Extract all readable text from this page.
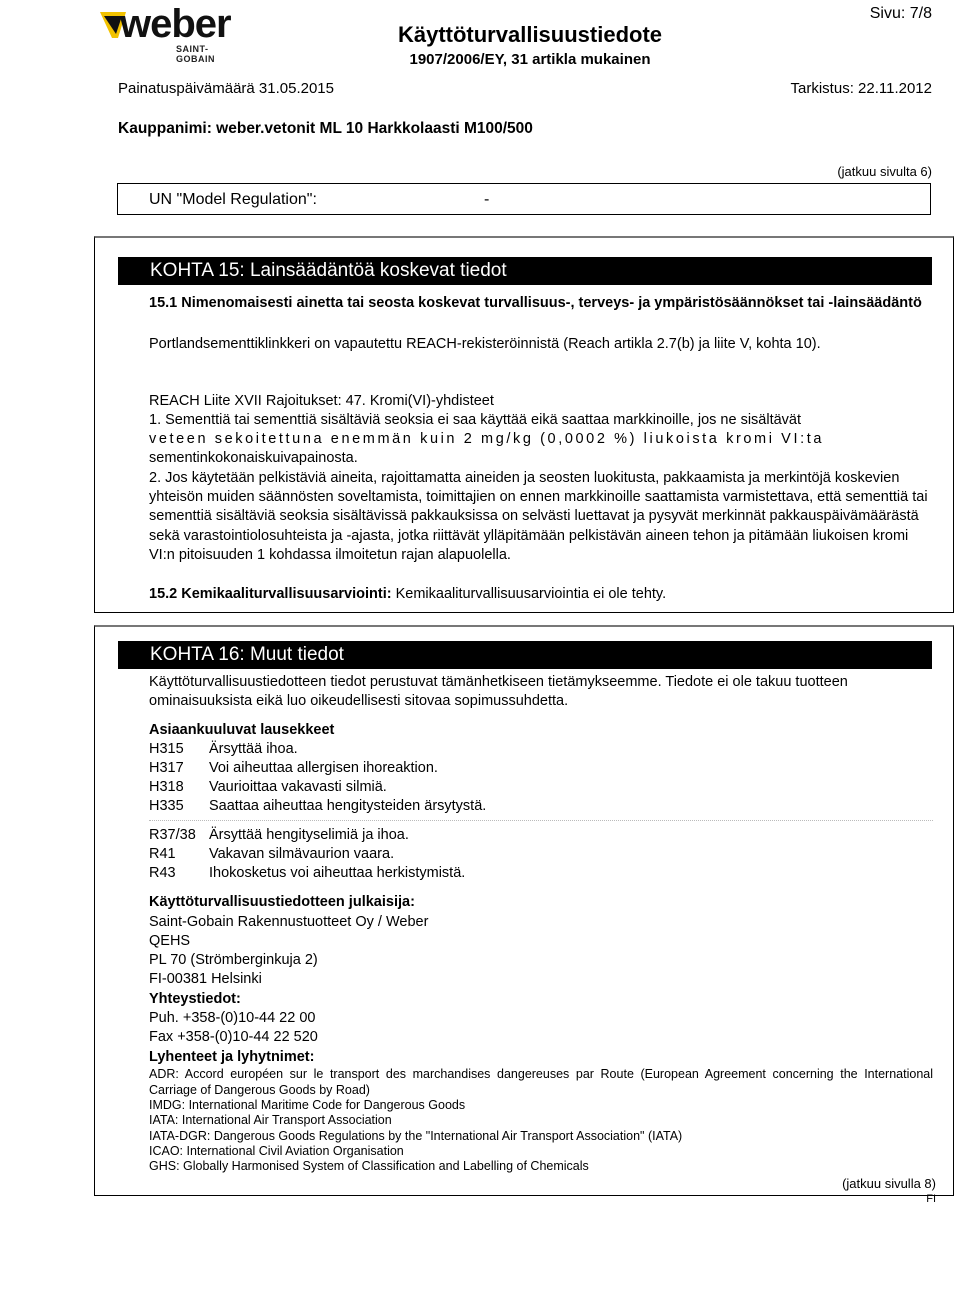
weber
SAINT-GOBAIN
Käyttöturvallisuustiedote
1907/2006/EY, 31 artikla mukainen
Sivu: 7/8
Painatuspäivämäärä 31.05.2015	Tarkistus: 22.11.2012
Kauppanimi: weber.vetonit ML 10 Harkkolaasti M100/500
(jatkuu sivulta 6)
UN "Model Regulation":	-
KOHTA 15: Lainsäädäntöä koskevat tiedot
15.1 Nimenomaisesti ainetta tai seosta koskevat turvallisuus-, terveys- ja ympäristösäännökset tai -lainsäädäntö
Portlandsementtiklinkkeri on vapautettu REACH-rekisteröinnistä (Reach artikla 2.7(b) ja liite V, kohta 10).
REACH Liite XVII Rajoitukset: 47. Kromi(VI)-yhdisteet
1. Sementtiä tai sementtiä sisältäviä seoksia ei saa käyttää eikä saattaa markkinoille, jos ne sisältävät
veteen sekoitettuna enemmän kuin 2 mg/kg (0,0002 %) liukoista kromi VI:ta
sementinkokonaiskuivapainosta.
2. Jos käytetään pelkistäviä aineita, rajoittamatta aineiden ja seosten luokitusta, pakkaamista ja merkintöjä koskevien yhteisön muiden säännösten soveltamista, toimittajien on ennen markkinoille saattamista varmistettava, että sementtiä tai sementtiä sisältäviä seoksia sisältävissä pakkauksissa on selvästi luettavat ja pysyvät merkinnät pakkauspäivämäärästä sekä varastointiolosuhteista ja -ajasta, jotka riittävät ylläpitämään pelkistävän aineen tehon ja pitämään liukoisen kromi VI:n pitoisuuden 1 kohdassa ilmoitetun rajan alapuolella.
15.2 Kemikaaliturvallisuusarviointi: Kemikaaliturvallisuusarviointia ei ole tehty.
KOHTA 16: Muut tiedot
Käyttöturvallisuustiedotteen tiedot perustuvat tämänhetkiseen tietämykseemme. Tiedote ei ole takuu tuotteen ominaisuuksista eikä luo oikeudellisesti sitovaa sopimussuhdetta.
Asiaankuuluvat lausekkeet
H315 Ärsyttää ihoa.
H317 Voi aiheuttaa allergisen ihoreaktion.
H318 Vaurioittaa vakavasti silmiä.
H335 Saattaa aiheuttaa hengitysteiden ärsytystä.
R37/38 Ärsyttää hengityselimiä ja ihoa.
R41 Vakavan silmävaurion vaara.
R43 Ihokosketus voi aiheuttaa herkistymistä.
Käyttöturvallisuustiedotteen julkaisija:
Saint-Gobain Rakennustuotteet Oy / Weber
QEHS
PL 70 (Strömberginkuja 2)
FI-00381 Helsinki
Yhteystiedot:
Puh. +358-(0)10-44 22 00
Fax +358-(0)10-44 22 520
Lyhenteet ja lyhytnimet:
ADR: Accord européen sur le transport des marchandises dangereuses par Route (European Agreement concerning the International Carriage of Dangerous Goods by Road)
IMDG: International Maritime Code for Dangerous Goods
IATA: International Air Transport Association
IATA-DGR: Dangerous Goods Regulations by the "International Air Transport Association" (IATA)
ICAO: International Civil Aviation Organisation
GHS: Globally Harmonised System of Classification and Labelling of Chemicals
(jatkuu sivulla 8)
FI
